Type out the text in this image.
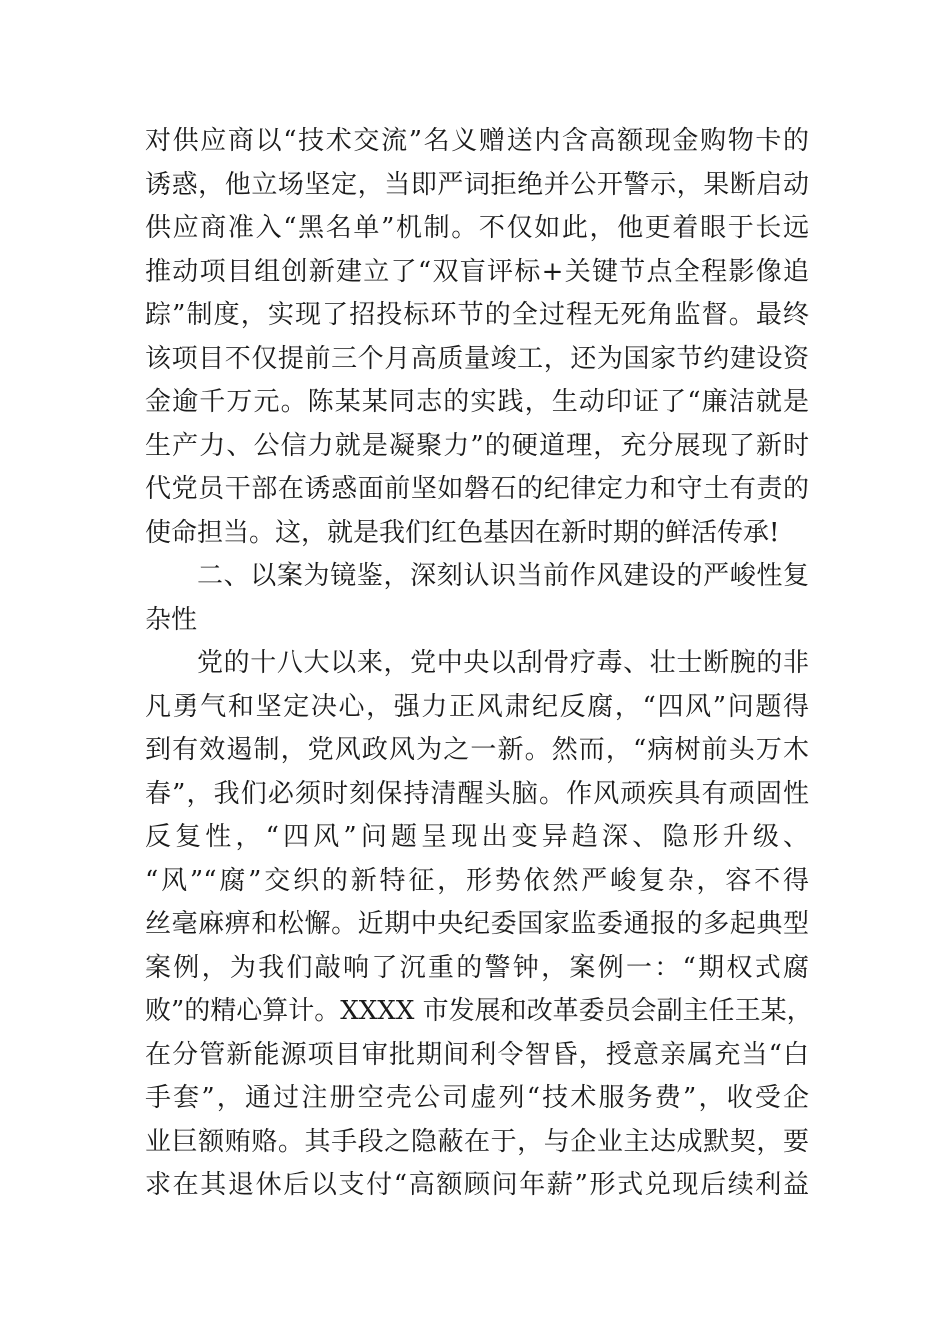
对供应商以“技术交流”名义赠送内含高额现金购物卡的
诱惑，他立场坚定，当即严词拒绝并公开警示，果断启动
供应商准入“黑名单”机制。不仅如此，他更着眼于长远
推动项目组创新建立了“双盲评标+关键节点全程影像追
踪”制度，实现了招投标环节的全过程无死角监督。最终
该项目不仅提前三个月高质量竣工，还为国家节约建设资
金逾千万元。陈某某同志的实践，生动印证了“廉洁就是
生产力、公信力就是凝聚力”的硬道理，充分展现了新时
代党员干部在诱惑面前坚如磐石的纪律定力和守土有责的
使命担当。这，就是我们红色基因在新时期的鲜活传承!
二、以案为镜鉴，深刻认识当前作风建设的严峻性复
杂性
党的十八大以来，党中央以刮骨疗毒、壮士断腕的非
凡勇气和坚定决心，强力正风肃纪反腐，“四风”问题得
到有效遏制，党风政风为之一新。然而，“病树前头万木
春”，我们必须时刻保持清醒头脑。作风顽疾具有顽固性
反复性，“四风”问题呈现出变异趋深、隐形升级、
“风”“腐”交织的新特征，形势依然严峻复杂，容不得
丝毫麻痹和松懈。近期中央纪委国家监委通报的多起典型
案例，为我们敲响了沉重的警钟，案例一：“期权式腐
败”的精心算计。XXXX 市发展和改革委员会副主任王某，
在分管新能源项目审批期间利令智昏，授意亲属充当“白
手套”，通过注册空壳公司虚列“技术服务费”，收受企
业巨额贿赂。其手段之隐蔽在于，与企业主达成默契，要
求在其退休后以支付“高额顾问年薪”形式兑现后续利益
